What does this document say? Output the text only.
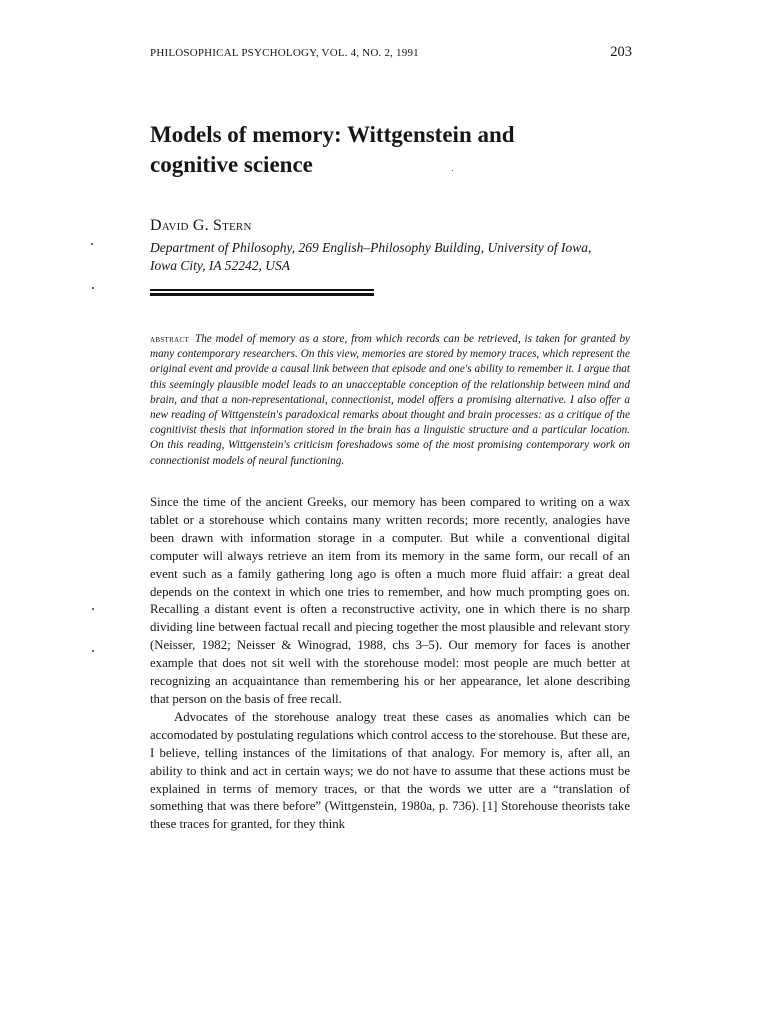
PHILOSOPHICAL PSYCHOLOGY, VOL. 4, NO. 2, 1991	203
Models of memory: Wittgenstein and
cognitive science
David G. Stern
Department of Philosophy, 269 English–Philosophy Building, University of Iowa,
Iowa City, IA 52242, USA

abstract The model of memory as a store, from which records can be retrieved, is taken for granted by many contemporary researchers. On this view, memories are stored by memory traces, which represent the original event and provide a causal link between that episode and one's ability to remember it. I argue that this seemingly plausible model leads to an unacceptable conception of the relationship between mind and brain, and that a non-representational, connectionist, model offers a promising alternative. I also offer a new reading of Wittgenstein's paradoxical remarks about thought and brain processes: as a critique of the cognitivist thesis that information stored in the brain has a linguistic structure and a particular location. On this reading, Wittgenstein's criticism foreshadows some of the most promising contemporary work on connectionist models of neural functioning.

Since the time of the ancient Greeks, our memory has been compared to writing on a wax tablet or a storehouse which contains many written records; more recently, analogies have been drawn with information storage in a computer. But while a conventional digital computer will always retrieve an item from its memory in the same form, our recall of an event such as a family gathering long ago is often a much more fluid affair: a great deal depends on the context in which one tries to remember, and how much prompting goes on. Recalling a distant event is often a reconstructive activity, one in which there is no sharp dividing line between factual recall and piecing together the most plausible and relevant story (Neisser, 1982; Neisser & Winograd, 1988, chs 3–5). Our memory for faces is another example that does not sit well with the storehouse model: most people are much better at recognizing an acquaintance than remembering his or her appearance, let alone describing that person on the basis of free recall.

Advocates of the storehouse analogy treat these cases as anomalies which can be accomodated by postulating regulations which control access to the storehouse. But these are, I believe, telling instances of the limitations of that analogy. For memory is, after all, an ability to think and act in certain ways; we do not have to assume that these actions must be explained in terms of memory traces, or that the words we utter are a “translation of something that was there before” (Wittgenstein, 1980a, p. 736). [1] Storehouse theorists take these traces for granted, for they think
